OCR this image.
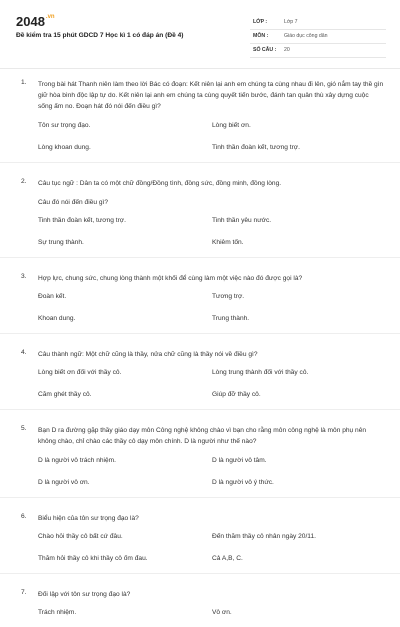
$2048^{.vn}$
Đề kiểm tra 15 phút GDCD 7 Học kì 1 có đáp án (Đề 4)
LỚP :	Lớp 7
MÔN :	Giáo dục công dân
SỐ CÂU : 20
1. Trong bài hát Thanh niên làm theo lời Bác có đoạn: Kết niên lại anh em chúng ta cùng nhau đi lên, gió nắm tay thề gìn giữ hòa bình độc lập tự do. Kết niên lại anh em chúng ta cùng quyết tiến bước, đánh tan quân thù xây dựng cuộc sống ấm no. Đoạn hát đó nói đến điều gì?
Tôn sư trọng đạo.	Lòng biết ơn.
Lòng khoan dung.	Tinh thần đoàn kết, tương trợ.
2. Câu tục ngữ : Dân ta có một chữ đồng/Đồng tình, đồng sức, đồng minh, đồng lòng.
Câu đó nói đến điều gì?
Tinh thần đoàn kết, tương trợ.	Tinh thần yêu nước.
Sự trung thành.	Khiêm tốn.
3. Hợp lực, chung sức, chung lòng thành một khối để cùng làm một việc nào đó được gọi là?
Đoàn kết.	Tương trợ.
Khoan dung.	Trung thành.
4. Câu thành ngữ: Một chữ cũng là thầy, nửa chữ cũng là thầy nói về điều gì?
Lòng biết ơn đối với thầy cô.	Lòng trung thành đối với thầy cô.
Căm ghét thầy cô.	Giúp đỡ thầy cô.
5. Bạn D ra đường gặp thầy giáo dạy môn Công nghệ không chào vì bạn cho rằng môn công nghệ là môn phụ nên không chào, chỉ chào các thầy cô dạy môn chính. D là người như thế nào?
D là người vô trách nhiệm.	D là người vô tâm.
D là người vô ơn.	D là người vô ý thức.
6. Biểu hiện của tôn sư trọng đạo là?
Chào hỏi thầy cô bất cứ đâu.	Đến thăm thầy cô nhân ngày 20/11.
Thăm hỏi thầy cô khi thầy cô ốm đau.	Cả A,B, C.
7. Đối lập với tôn sư trọng đạo là?
Trách nhiệm.	Vô ơn.
